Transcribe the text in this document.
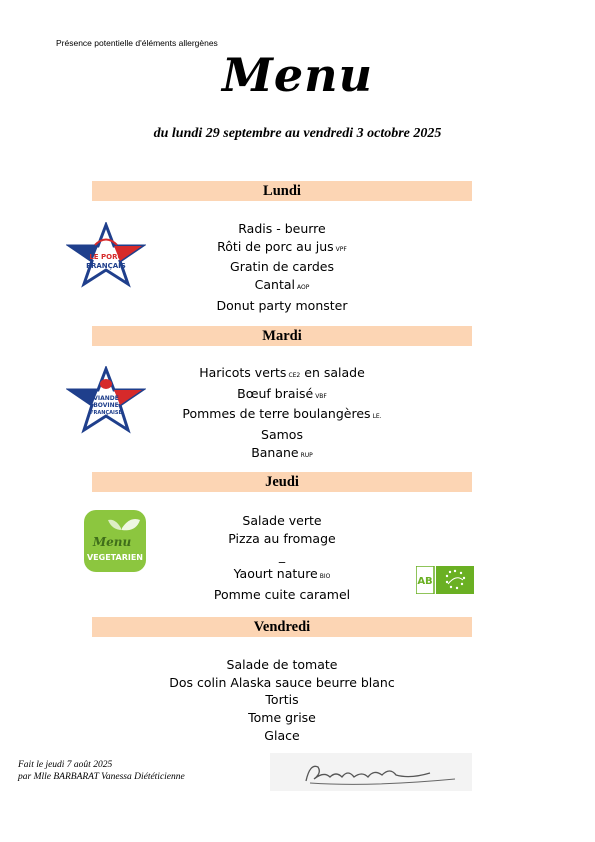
Présence potentielle d'éléments allergènes
Menu
du lundi 29 septembre au vendredi 3 octobre 2025
Lundi
LE PORC
FRANÇAIS
Radis - beurre
Rôti de porc au jus VPF
Gratin de cardes
Cantal AOP
Donut party monster
Mardi
VIANDE
BOVINE
FRANÇAISE
Haricots verts CE2 en salade
Bœuf braisé VBF
Pommes de terre boulangères LE.
Samos
Banane RUP
Jeudi
Menu
VEGETARIEN
Salade verte
Pizza au fromage
_
Yaourt nature BIO
Pomme cuite caramel
AB
Vendredi
Salade de tomate
Dos colin Alaska sauce beurre blanc
Tortis
Tome grise
Glace
Fait le jeudi 7 août 2025
par Mlle BARBARAT Vanessa Diététicienne
